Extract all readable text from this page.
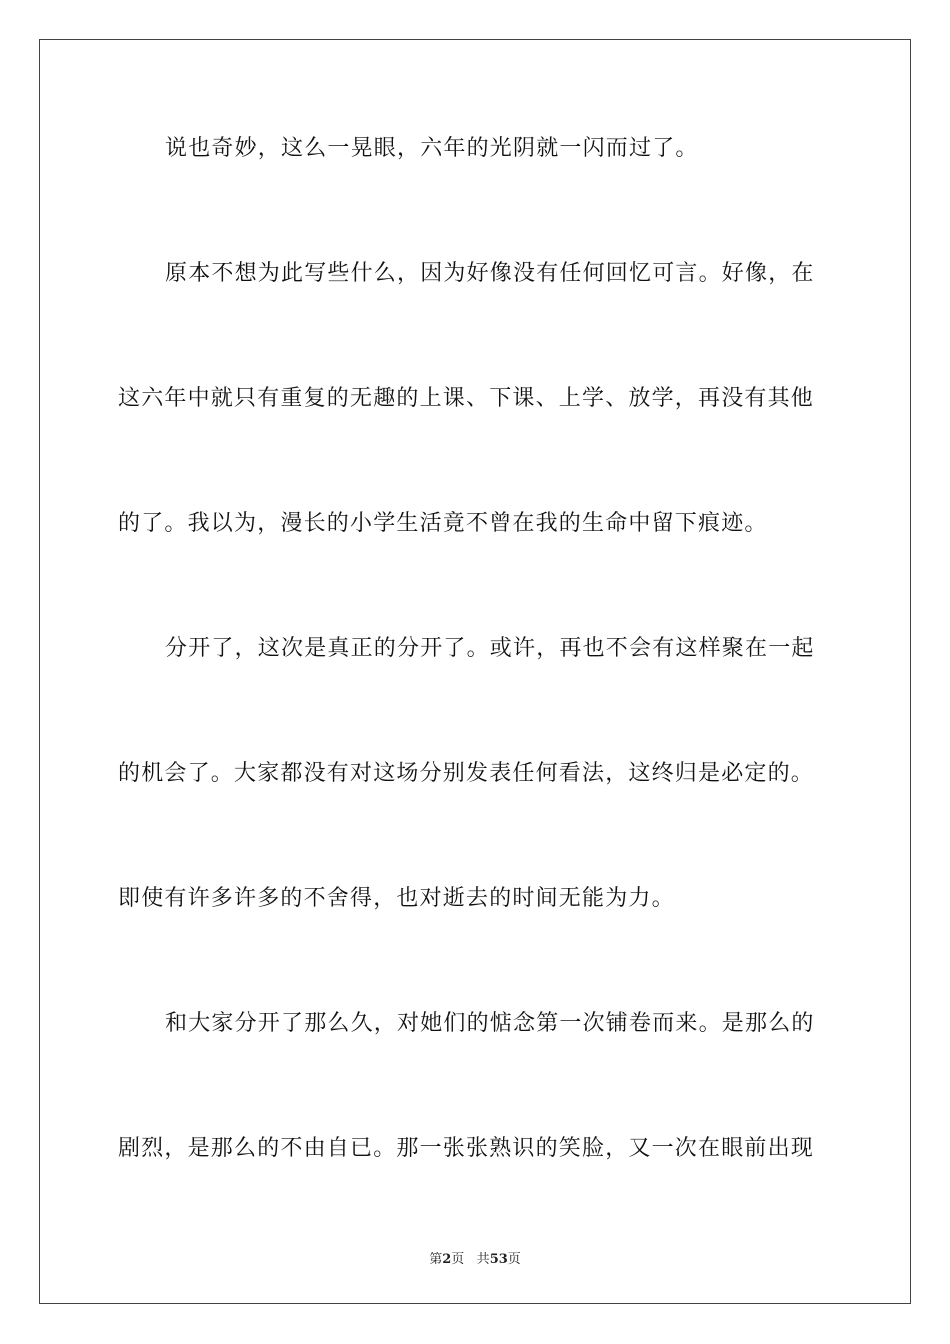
说也奇妙，这么一晃眼，六年的光阴就一闪而过了。
原本不想为此写些什么，因为好像没有任何回忆可言。好像，在
这六年中就只有重复的无趣的上课、下课、上学、放学，再没有其他
的了。我以为，漫长的小学生活竟不曾在我的生命中留下痕迹。
分开了，这次是真正的分开了。或许，再也不会有这样聚在一起
的机会了。大家都没有对这场分别发表任何看法，这终归是必定的。
即使有许多许多的不舍得，也对逝去的时间无能为力。
和大家分开了那么久，对她们的惦念第一次铺卷而来。是那么的
剧烈，是那么的不由自已。那一张张熟识的笑脸，又一次在眼前出现
第2页 共53页
